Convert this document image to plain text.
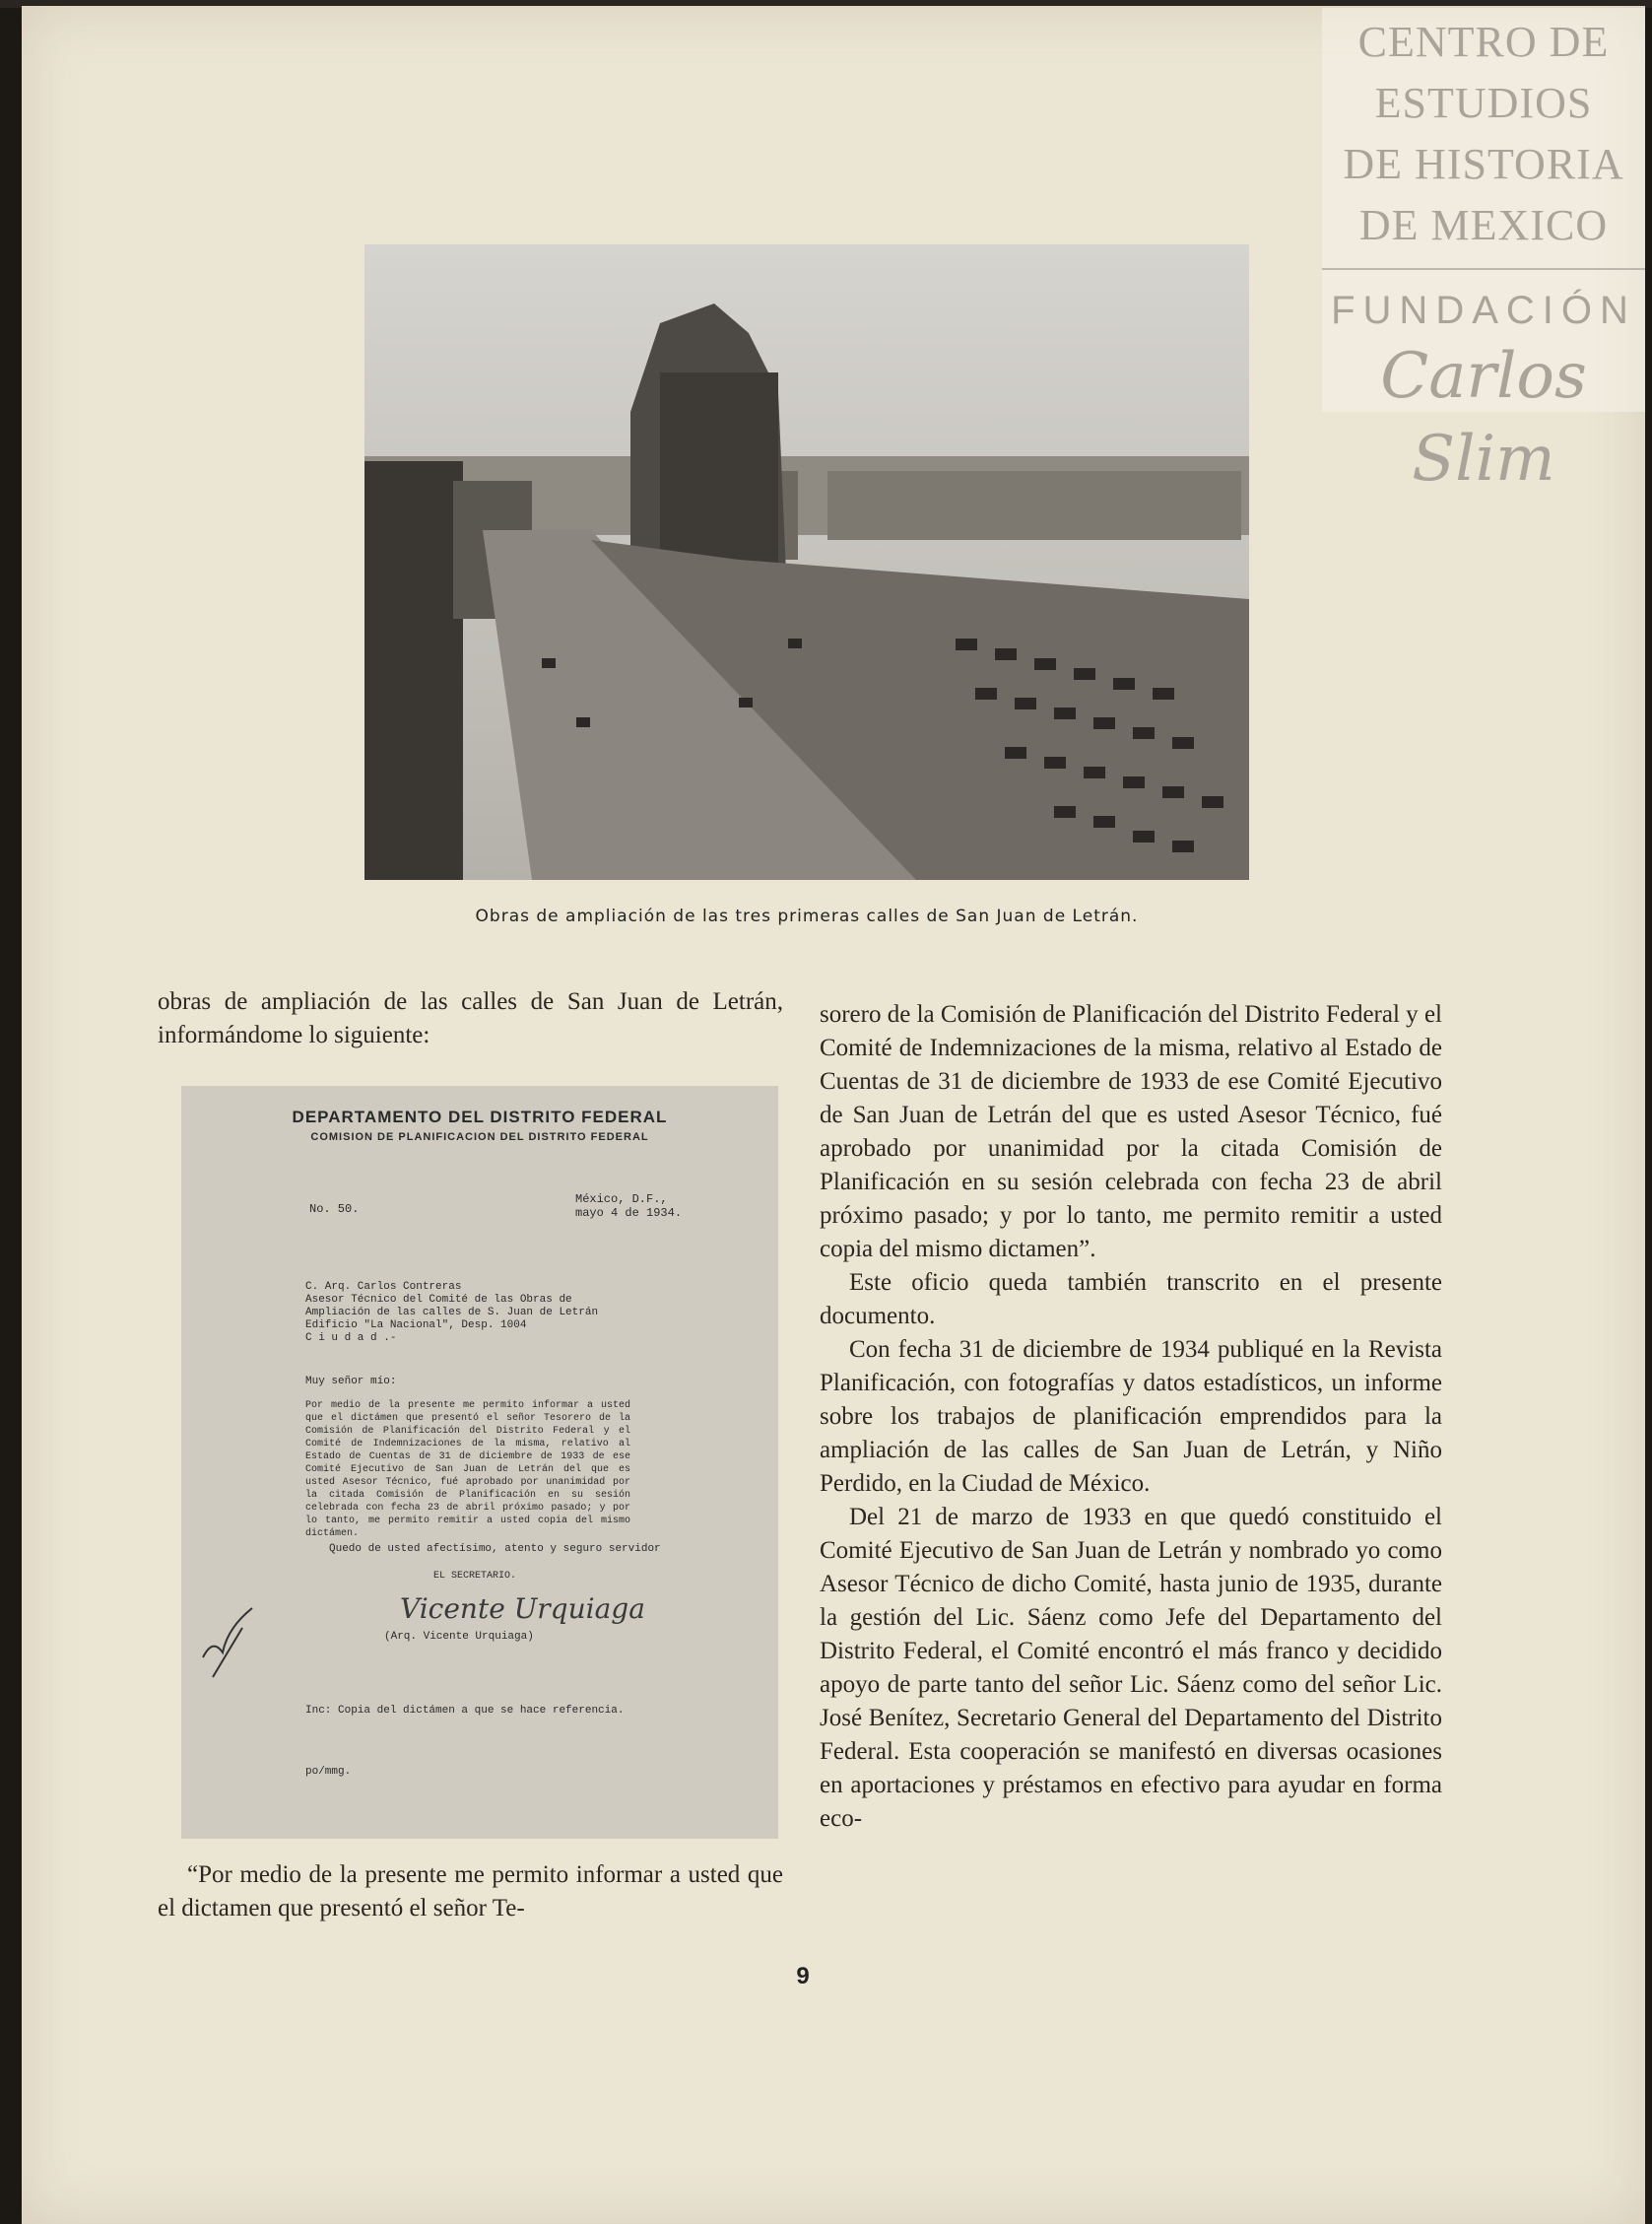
CENTRO DE
ESTUDIOS
DE HISTORIA
DE MEXICO
FUNDACIÓN
Carlos Slim
Obras de ampliación de las tres primeras calles de San Juan de Letrán.

obras de ampliación de las calles de San Juan de Letrán, informándome lo siguiente:

DEPARTAMENTO DEL DISTRITO FEDERAL
COMISION DE PLANIFICACION DEL DISTRITO FEDERAL
No. 50.
México, D.F.,
mayo 4 de 1934.
C. Arq. Carlos Contreras
Asesor Técnico del Comité de las Obras de
Ampliación de las calles de S. Juan de Letrán
Edificio "La Nacional", Desp. 1004
C i u d a d .-
Muy señor mío:
Por medio de la presente me permito informar a usted que el dictámen que presentó el señor Tesorero de la Comisión de Planificación del Distrito Federal y el Comité de Indemnizaciones de la misma, relativo al Estado de Cuentas de 31 de diciembre de 1933 de ese Comité Ejecutivo de San Juan de Letrán del que es usted Asesor Técnico, fué aprobado por unanimidad por la citada Comisión de Planificación en su sesión celebrada con fecha 23 de abril próximo pasado; y por lo tanto, me permito remitir a usted copia del mismo dictámen.
Quedo de usted afectísimo, atento y seguro servidor
EL SECRETARIO.
Vicente Urquiaga
(Arq. Vicente Urquiaga)
Inc: Copia del dictámen a que se hace referencia.
po/mmg.

“Por medio de la presente me permito informar a usted que el dictamen que presentó el señor Te-

sorero de la Comisión de Planificación del Distrito Federal y el Comité de Indemnizaciones de la misma, relativo al Estado de Cuentas de 31 de diciembre de 1933 de ese Comité Ejecutivo de San Juan de Letrán del que es usted Asesor Técnico, fué aprobado por unanimidad por la citada Comisión de Planificación en su sesión celebrada con fecha 23 de abril próximo pasado; y por lo tanto, me permito remitir a usted copia del mismo dictamen”.

Este oficio queda también transcrito en el presente documento.

Con fecha 31 de diciembre de 1934 publiqué en la Revista Planificación, con fotografías y datos estadísticos, un informe sobre los trabajos de planificación emprendidos para la ampliación de las calles de San Juan de Letrán, y Niño Perdido, en la Ciudad de México.

Del 21 de marzo de 1933 en que quedó constituido el Comité Ejecutivo de San Juan de Letrán y nombrado yo como Asesor Técnico de dicho Comité, hasta junio de 1935, durante la gestión del Lic. Sáenz como Jefe del Departamento del Distrito Federal, el Comité encontró el más franco y decidido apoyo de parte tanto del señor Lic. Sáenz como del señor Lic. José Benítez, Secretario General del Departamento del Distrito Federal. Esta cooperación se manifestó en diversas ocasiones en aportaciones y préstamos en efectivo para ayudar en forma eco-

9
